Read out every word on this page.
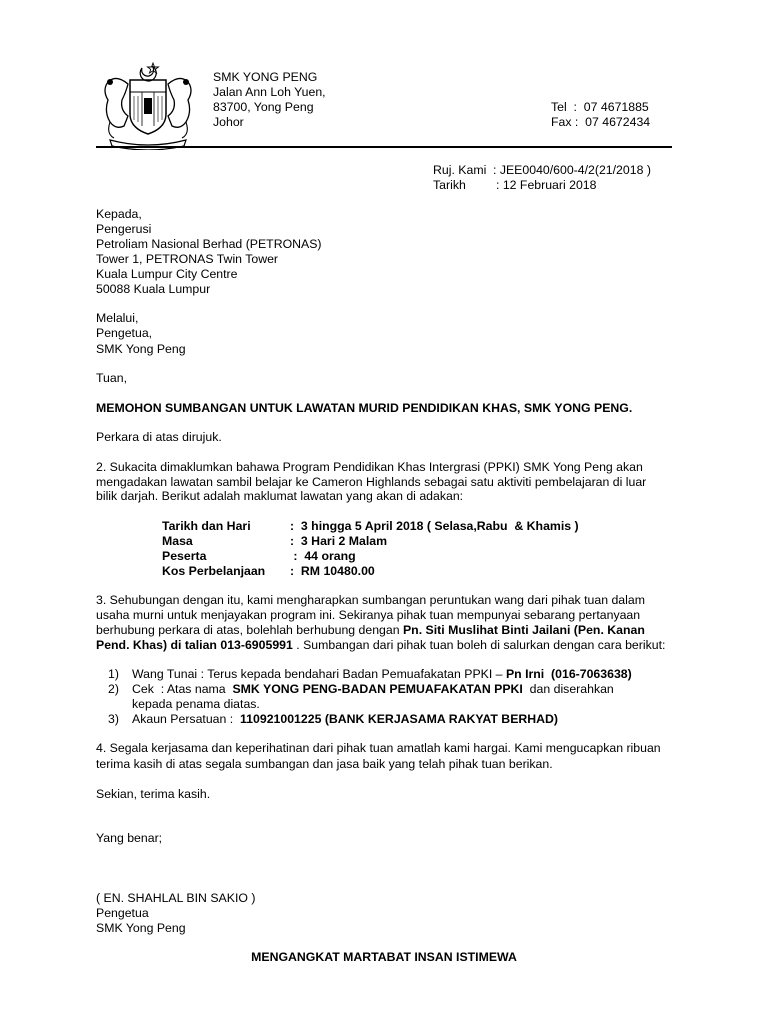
SMK YONG PENG
Jalan Ann Loh Yuen,
83700, Yong Peng
Johor
Tel  :  07 4671885
Fax :  07 4672434
Ruj. Kami : JEE0040/600-4/2(21/2018 )
Tarikh : 12 Februari 2018
Kepada,
Pengerusi
Petroliam Nasional Berhad (PETRONAS)
Tower 1, PETRONAS Twin Tower
Kuala Lumpur City Centre
50088 Kuala Lumpur
Melalui,
Pengetua,
SMK Yong Peng
Tuan,
MEMOHON SUMBANGAN UNTUK LAWATAN MURID PENDIDIKAN KHAS, SMK YONG PENG.
Perkara di atas dirujuk.
2. Sukacita dimaklumkan bahawa Program Pendidikan Khas Intergrasi (PPKI) SMK Yong Peng akan
mengadakan lawatan sambil belajar ke Cameron Highlands sebagai satu aktiviti pembelajaran di luar
bilik darjah. Berikut adalah maklumat lawatan yang akan di adakan:
Tarikh dan Hari	:  3 hingga 5 April 2018 ( Selasa,Rabu  & Khamis )
Masa	:  3 Hari 2 Malam
Peserta	:  44 orang
Kos Perbelanjaan	:  RM 10480.00
3. Sehubungan dengan itu, kami mengharapkan sumbangan peruntukan wang dari pihak tuan dalam
usaha murni untuk menjayakan program ini. Sekiranya pihak tuan mempunyai sebarang pertanyaan
berhubung perkara di atas, bolehlah berhubung dengan Pn. Siti Muslihat Binti Jailani (Pen. Kanan
Pend. Khas) di talian 013-6905991 . Sumbangan dari pihak tuan boleh di salurkan dengan cara berikut:
1)	Wang Tunai : Terus kepada bendahari Badan Pemuafakatan PPKI – Pn Irni  (016-7063638)
2)	Cek  : Atas nama  SMK YONG PENG-BADAN PEMUAFAKATAN PPKI  dan diserahkan
kepada penama diatas.
3)	Akaun Persatuan :  110921001225 (BANK KERJASAMA RAKYAT BERHAD)
4. Segala kerjasama dan keperihatinan dari pihak tuan amatlah kami hargai. Kami mengucapkan ribuan
terima kasih di atas segala sumbangan dan jasa baik yang telah pihak tuan berikan.
Sekian, terima kasih.
Yang benar;
( EN. SHAHLAL BIN SAKIO )
Pengetua
SMK Yong Peng
MENGANGKAT MARTABAT INSAN ISTIMEWA
